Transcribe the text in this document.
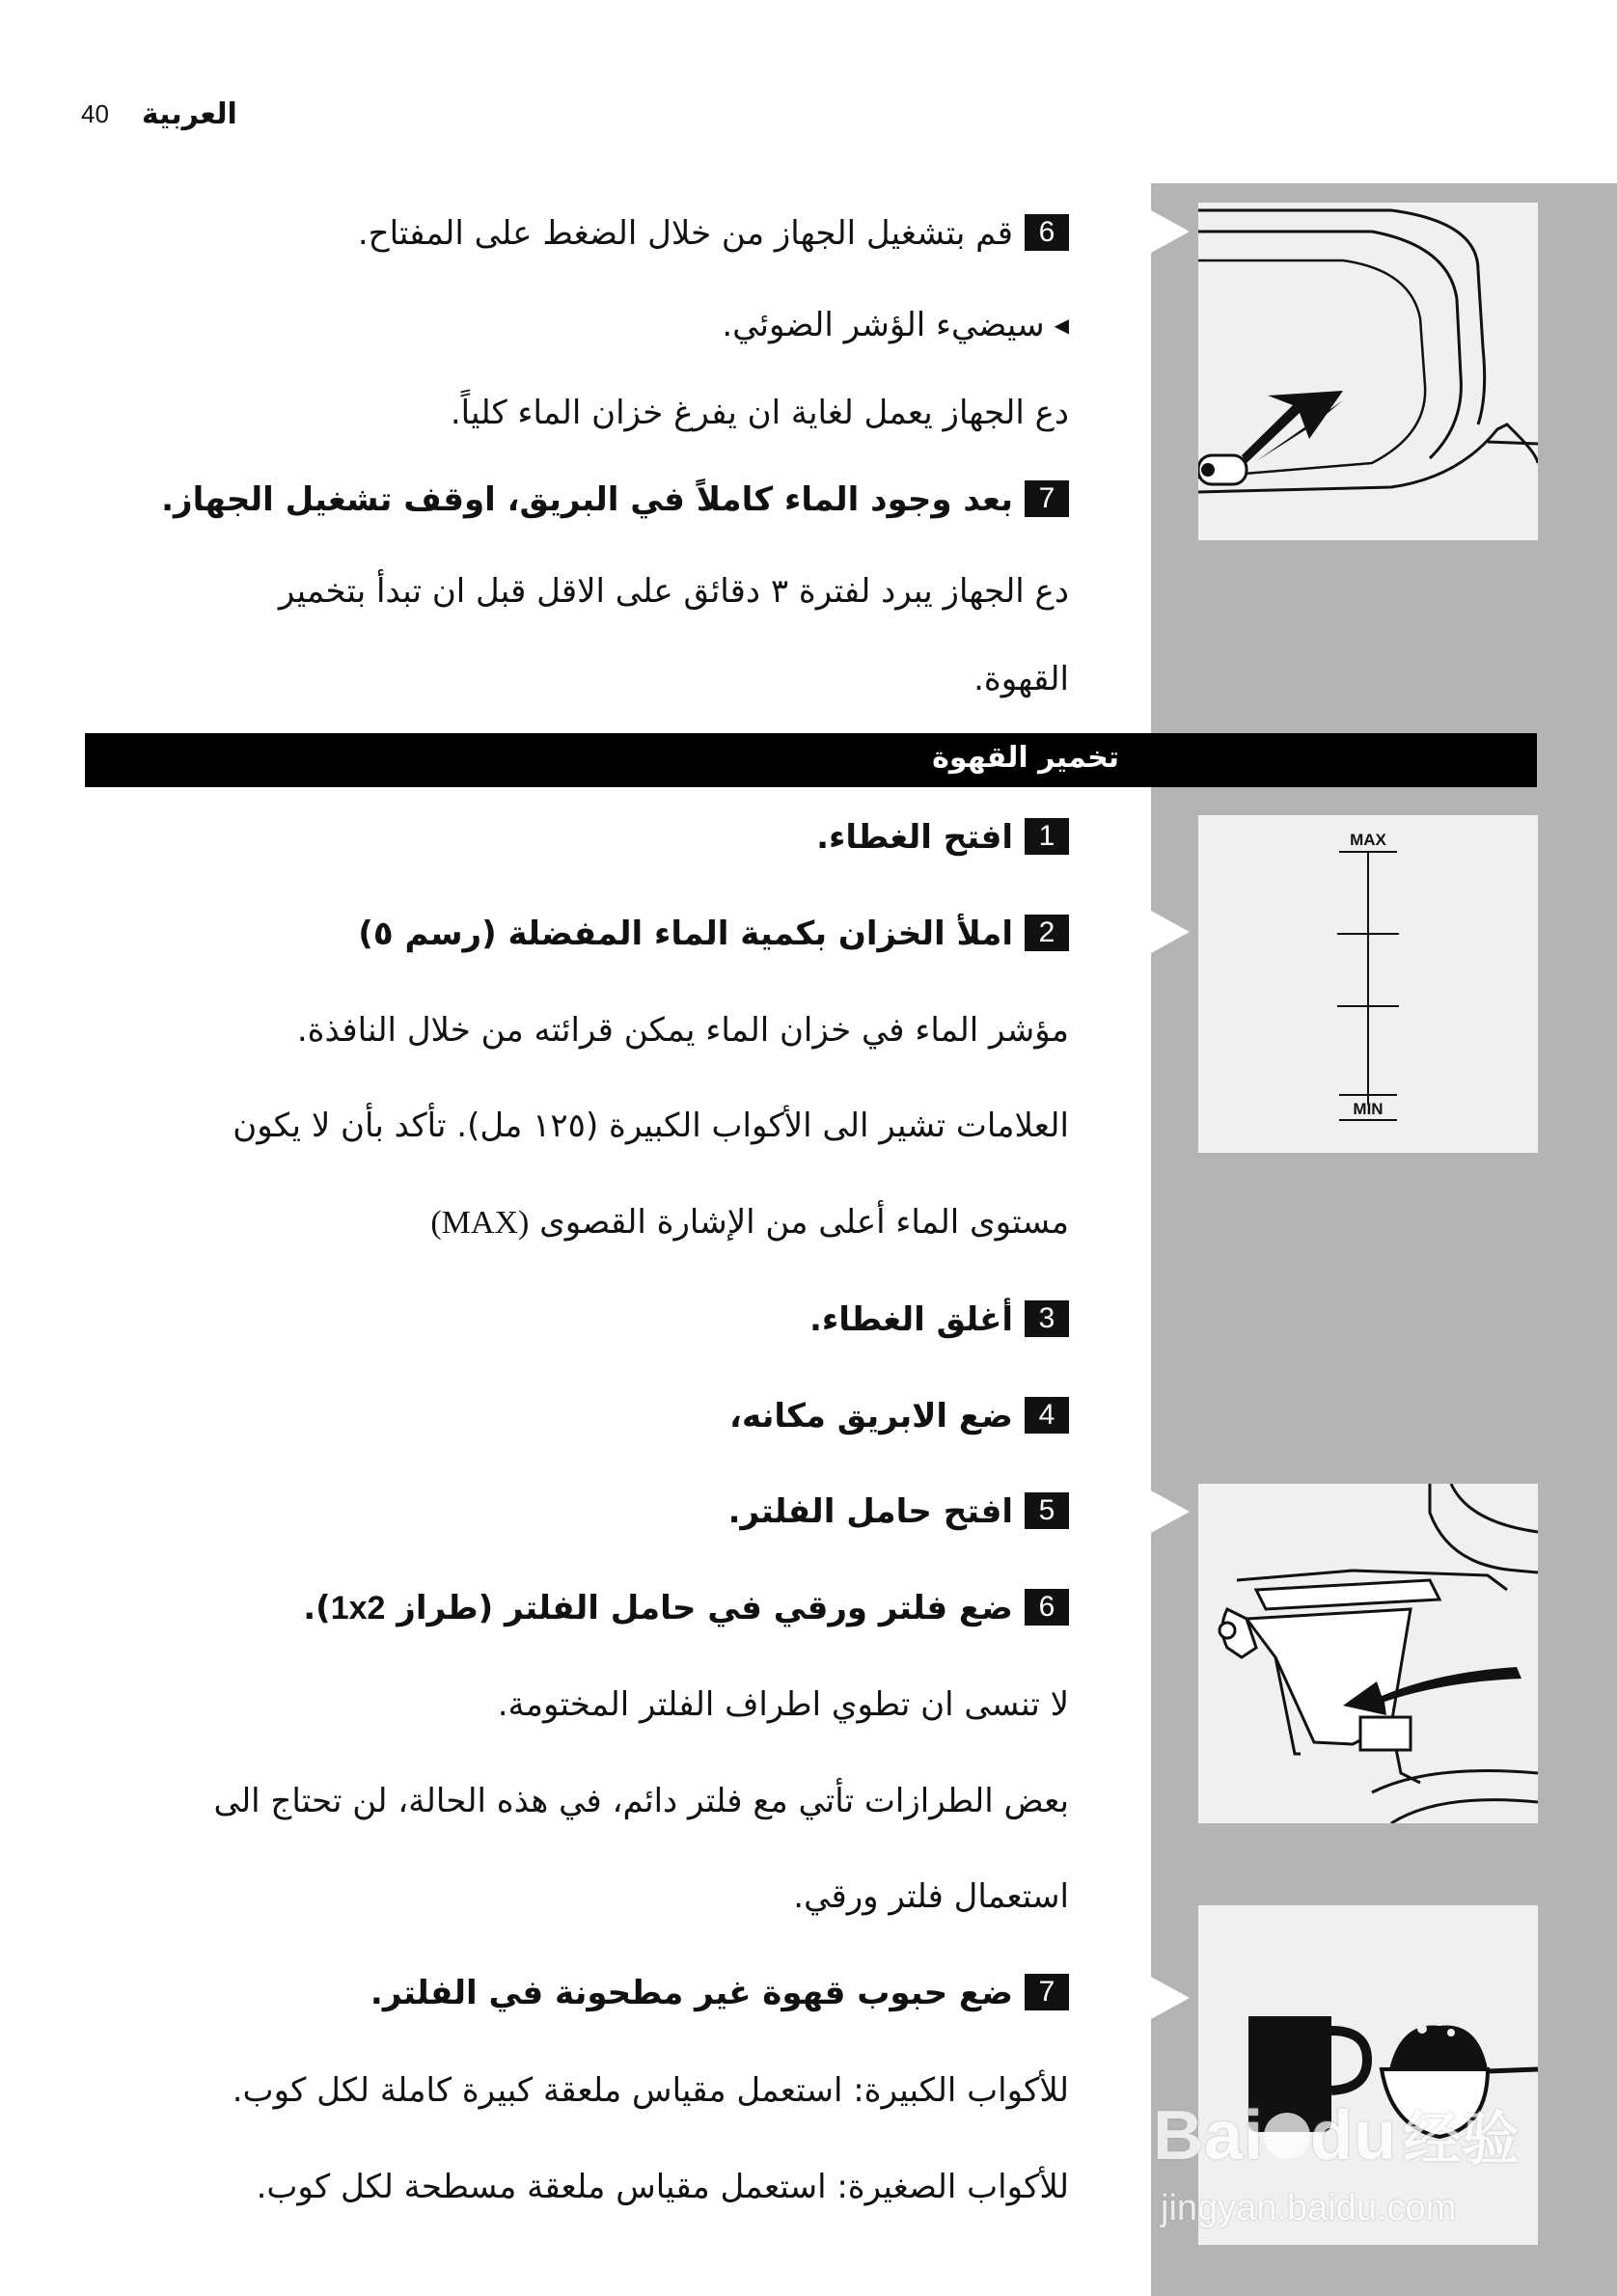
40 العربية
6قم بتشغيل الجهاز من خلال الضغط على المفتاح.
◀سيضيء الؤشر الضوئي.
دع الجهاز يعمل لغاية ان يفرغ خزان الماء كلياً.
7بعد وجود الماء كاملاً في البريق، اوقف تشغيل الجهاز.
دع الجهاز يبرد لفترة ٣ دقائق على الاقل قبل ان تبدأ بتخمير
القهوة.
تخمير القهوة
1افتح الغطاء.
2املأ الخزان بكمية الماء المفضلة (رسم ٥)
مؤشر الماء في خزان الماء يمكن قرائته من خلال النافذة.
العلامات تشير الى الأكواب الكبيرة (١٢٥ مل). تأكد بأن لا يكون
مستوى الماء أعلى من الإشارة القصوى (MAX)
3أغلق الغطاء.
4ضع الابريق مكانه،
5افتح حامل الفلتر.
6ضع فلتر ورقي في حامل الفلتر (طراز 1x2).
لا تنسى ان تطوي اطراف الفلتر المختومة.
بعض الطرازات تأتي مع فلتر دائم، في هذه الحالة، لن تحتاج الى
استعمال فلتر ورقي.
7ضع حبوب قهوة غير مطحونة في الفلتر.
للأكواب الكبيرة: استعمل مقياس ملعقة كبيرة كاملة لكل كوب.
للأكواب الصغيرة: استعمل مقياس ملعقة مسطحة لكل كوب.
MAX
MIN
Bai du 经验
jingyan.baidu.com
